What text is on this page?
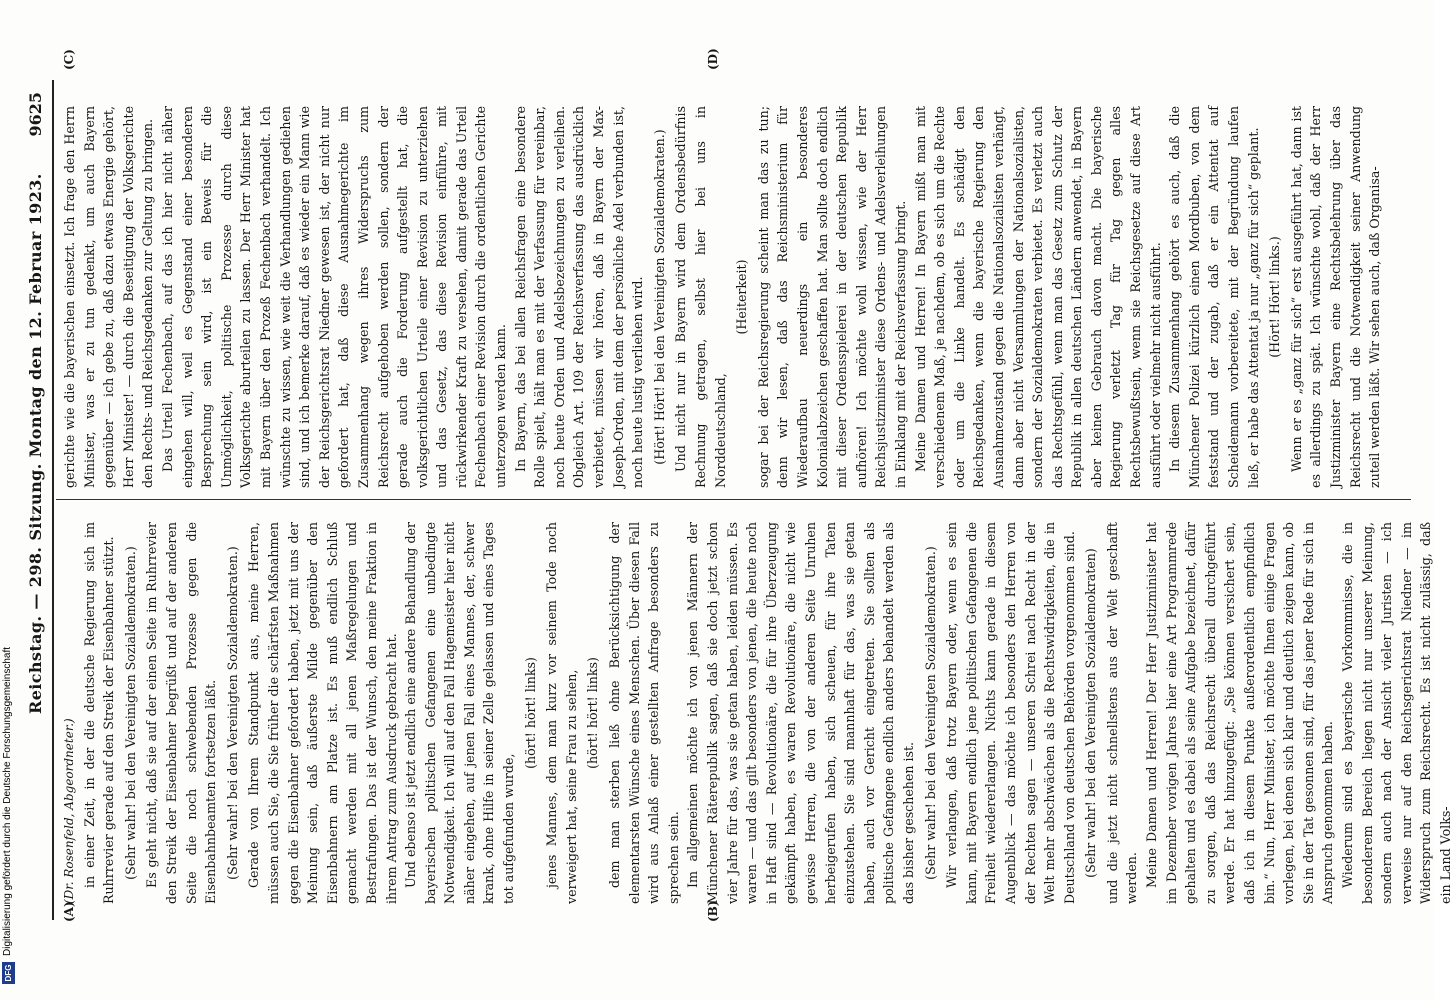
Reichstag. — 298. Sitzung. Montag den 12. Februar 1923.
9625
(A)	(B)
(C)	(D)

(Dr. Rosenfeld, Abgeordneter.) in einer Zeit, in der die deutsche Regierung sich im Ruhrrevier gerade auf den Streik der Eisenbahner stützt. (Sehr wahr! bei den Vereinigten Sozialdemokraten.) Es geht nicht, daß sie auf der einen Seite im Ruhrrevier den Streik der Eisenbahner begrüßt und auf der anderen Seite die noch schwebenden Prozesse gegen die Eisenbahnbeamten fortsetzen läßt. (Sehr wahr! bei den Vereinigten Sozialdemokraten.) Gerade von Ihrem Standpunkt aus, meine Herren, müssen auch Sie, die Sie früher die schärfsten Maßnahmen gegen die Eisenbahner gefordert haben, jetzt mit uns der Meinung sein, daß äußerste Milde gegenüber den Eisenbahnern am Platze ist. Es muß endlich Schluß gemacht werden mit all jenen Maßregelungen und Bestrafungen. Das ist der Wunsch, den meine Fraktion in ihrem Antrag zum Ausdruck gebracht hat. Und ebenso ist jetzt endlich eine andere Behandlung der bayerischen politischen Gefangenen eine unbedingte Notwendigkeit. Ich will auf den Fall Hagemeister hier nicht näher eingehen, auf jenen Fall eines Mannes, der, schwer krank, ohne Hilfe in seiner Zelle gelassen und eines Tages tot aufgefunden wurde,

(hört! hört! links) jenes Mannes, dem man kurz vor seinem Tode noch verweigert hat, seine Frau zu sehen, (hört! hört! links) dem man sterben ließ ohne Berücksichtigung der elementarsten Wünsche eines Menschen. Über diesen Fall wird aus Anlaß einer gestellten Anfrage besonders zu sprechen sein. Im allgemeinen möchte ich von jenen Männern der Münchener Räterepublik sagen, daß sie doch jetzt schon vier Jahre für das, was sie getan haben, leiden müssen. Es waren — und das gilt besonders von jenen, die heute noch in Haft sind — Revolutionäre, die für ihre Überzeugung gekämpft haben, es waren Revolutionäre, die nicht wie gewisse Herren, die von der anderen Seite Unruhen herbeigerufen haben, sich scheuen, für ihre Taten einzustehen. Sie sind mannhaft für das, was sie getan haben, auch vor Gericht eingetreten. Sie sollten als politische Gefangene endlich anders behandelt werden als das bisher geschehen ist. (Sehr wahr! bei den Vereinigten Sozialdemokraten.) Wir verlangen, daß trotz Bayern oder, wenn es sein kann, mit Bayern endlich jene politischen Gefangenen die Freiheit wiedererlangen. Nichts kann gerade in diesem Augenblick — das möchte ich besonders den Herren von der Rechten sagen — unseren Schrei nach Recht in der Welt mehr abschwächen als die Rechtswidrigkeiten, die in Deutschland von deutschen Behörden vorgenommen sind. (Sehr wahr! bei den Vereinigten Sozialdemokraten) und die jetzt nicht schnellstens aus der Welt geschafft werden. Meine Damen und Herren! Der Herr Justizminister hat im Dezember vorigen Jahres hier eine Art Programmrede gehalten und es dabei als seine Aufgabe bezeichnet, dafür zu sorgen, daß das Reichsrecht überall durchgeführt werde. Er hat hinzugefügt: „Sie können versichert sein, daß ich in diesem Punkte außerordentlich empfindlich bin.“ Nun, Herr Minister, ich möchte Ihnen einige Fragen vorlegen, bei denen sich klar und deutlich zeigen kann, ob Sie in der Tat gesonnen sind, für das jener Rede für sich in Anspruch genommen haben. Wiederum sind es bayerische Vorkommnisse, die in besonderem Bereich liegen nicht nur unserer Meinung, sondern auch nach der Ansicht vieler Juristen — ich verweise nur auf den Reichsgerichtsrat Niedner — im Widerspruch zum Reichsrecht. Es ist nicht zulässig, daß ein Land Volks-

gerichte wie die bayerischen einsetzt. Ich frage den Herrn Minister, was er zu tun gedenkt, um auch Bayern gegenüber — ich gebe zu, daß dazu etwas Energie gehört, Herr Minister! — durch die Beseitigung der Volksgerichte den Rechts- und Reichsgedanken zur Geltung zu bringen. Das Urteil Fechenbach, auf das ich hier nicht näher eingehen will, weil es Gegenstand einer besonderen Besprechung sein wird, ist ein Beweis für die Unmöglichkeit, politische Prozesse durch diese Volksgerichte aburteilen zu lassen. Der Herr Minister hat mit Bayern über den Prozeß Fechenbach verhandelt. Ich wünschte zu wissen, wie weit die Verhandlungen gediehen sind, und ich bemerke darauf, daß es wieder ein Mann wie der Reichsgerichtsrat Niedner gewesen ist, der nicht nur gefordert hat, daß diese Ausnahmegerichte im Zusammenhang wegen ihres Widerspruchs zum Reichsrecht aufgehoben werden sollen, sondern der gerade auch die Forderung aufgestellt hat, die volksgerichtlichen Urteile einer Revision zu unterziehen und das Gesetz, das diese Revision einführe, mit rückwirkender Kraft zu versehen, damit gerade das Urteil Fechenbach einer Revision durch die ordentlichen Gerichte unterzogen werden kann. In Bayern, das bei allen Reichsfragen eine besondere Rolle spielt, hält man es mit der Verfassung für vereinbar, noch heute Orden und Adelsbezeichnungen zu verleihen. Obgleich Art. 109 der Reichsverfassung das ausdrücklich verbietet, müssen wir hören, daß in Bayern der Max-Joseph-Orden, mit dem der persönliche Adel verbunden ist, noch heute lustig verliehen wird. (Hört! Hört! bei den Vereinigten Sozialdemokraten.) Und nicht nur in Bayern wird dem Ordensbedürfnis Rechnung getragen, selbst hier bei uns in Norddeutschland,

(Heiterkeit) sogar bei der Reichsregierung scheint man das zu tun; denn wir lesen, daß das Reichsministerium für Wiederaufbau neuerdings ein besonderes Kolonialabzeichen geschaffen hat. Man sollte doch endlich mit dieser Ordensspielerei in der deutschen Republik aufhören! Ich möchte wohl wissen, wie der Herr Reichsjustizminister diese Ordens- und Adelsverleihungen in Einklang mit der Reichsverfassung bringt. Meine Damen und Herren! In Bayern mißt man mit verschiedenem Maß, je nachdem, ob es sich um die Rechte oder um die Linke handelt. Es schädigt den Reichsgedanken, wenn die bayerische Regierung den Ausnahmezustand gegen die Nationalsozialisten verhängt, dann aber nicht Versammlungen der Nationalsozialisten, sondern der Sozialdemokraten verbietet. Es verletzt auch das Rechtsgefühl, wenn man das Gesetz zum Schutz der Republik in allen deutschen Ländern anwendet, in Bayern aber keinen Gebrauch davon macht. Die bayerische Regierung verletzt Tag für Tag gegen alles Rechtsbewußtsein, wenn sie Reichsgesetze auf diese Art ausführt oder vielmehr nicht ausführt. In diesem Zusammenhang gehört es auch, daß die Münchener Polizei kürzlich einen Mordbuben, von dem feststand und der zugab, daß er ein Attentat auf Scheidemann vorbereitete, mit der Begründung laufen ließ, er habe das Attentat ja nur „ganz für sich“ geplant. (Hört! Hört! links.) Wenn er es „ganz für sich“ erst ausgeführt hat, dann ist es allerdings zu spät. Ich wünschte wohl, daß der Herr Justizminister Bayern eine Rechtsbelehrung über das Reichsrecht und die Notwendigkeit seiner Anwendung zuteil werden läßt. Wir sehen auch, daß Organisa-

DFG
Digitalisierung gefördert durch die Deutsche Forschungsgemeinschaft
